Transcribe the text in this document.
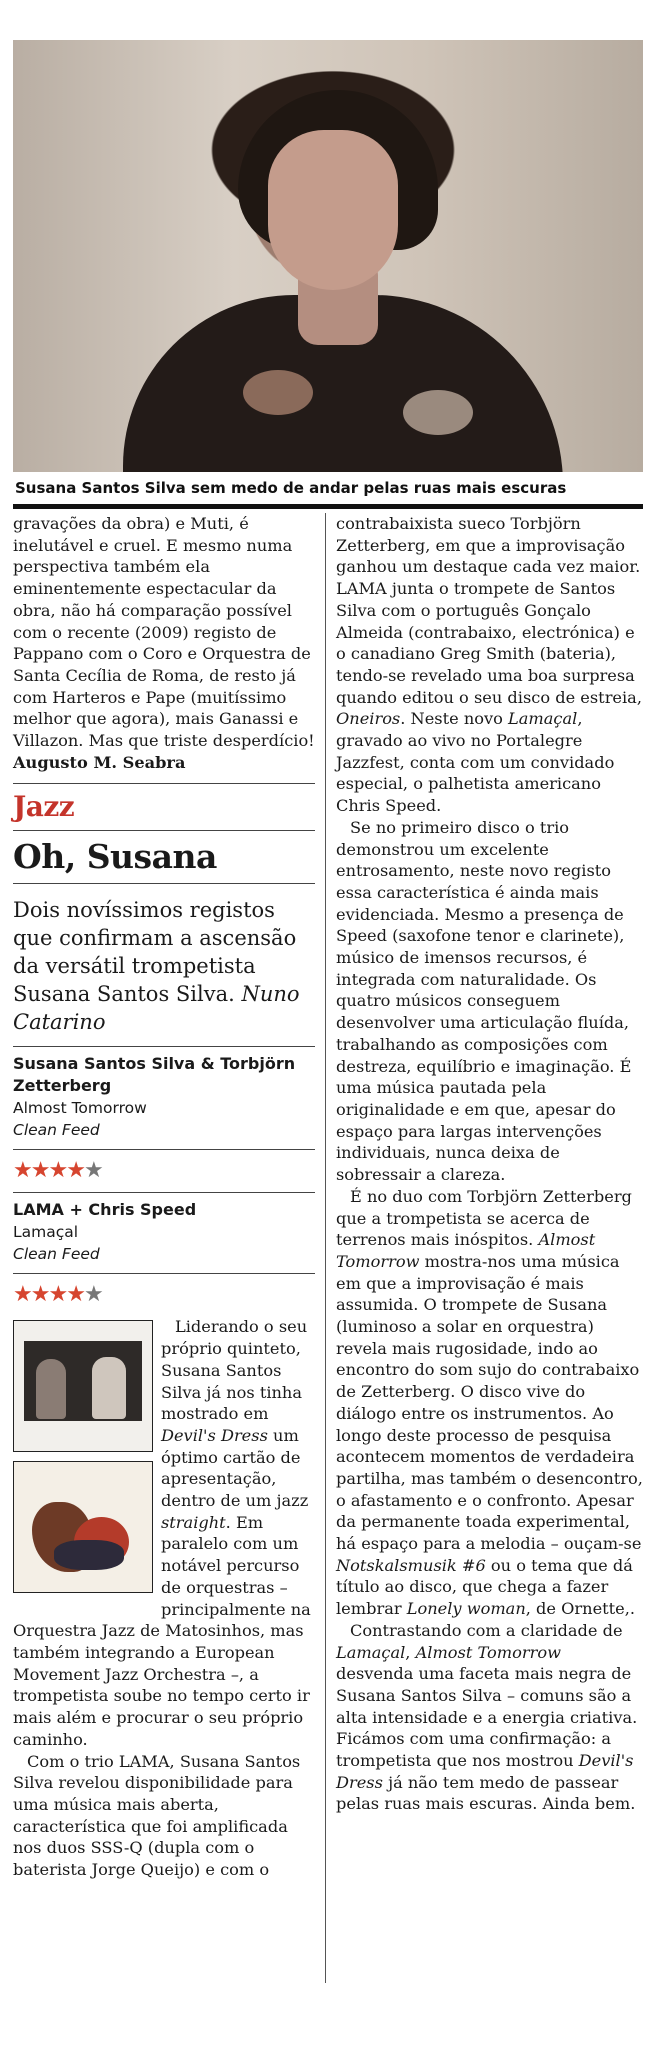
Susana Santos Silva sem medo de andar pelas ruas mais escuras

gravações da obra) e Muti, é inelutável e cruel. E mesmo numa perspectiva também ela eminentemente espectacular da obra, não há comparação possível com o recente (2009) registo de Pappano com o Coro e Orquestra de Santa Cecília de Roma, de resto já com Harteros e Pape (muitíssimo melhor que agora), mais Ganassi e Villazon. Mas que triste desperdício!

Augusto M. Seabra

Jazz
Oh, Susana
Dois novíssimos registos que confirmam a ascensão da versátil trompetista Susana Santos Silva. Nuno Catarino
Susana Santos Silva & Torbjörn Zetterberg
Almost Tomorrow
Clean Feed
★★★★★
LAMA + Chris Speed
Lamaçal
Clean Feed
★★★★★

Liderando o seu próprio quinteto, Susana Santos Silva já nos tinha mostrado em Devil's Dress um óptimo cartão de apresentação, dentro de um jazz straight. Em paralelo com um notável percurso de orquestras – principalmente na Orquestra Jazz de Matosinhos, mas também integrando a European Movement Jazz Orchestra –, a trompetista soube no tempo certo ir mais além e procurar o seu próprio caminho.

Com o trio LAMA, Susana Santos Silva revelou disponibilidade para uma música mais aberta, característica que foi amplificada nos duos SSS-Q (dupla com o baterista Jorge Queijo) e com o

contrabaixista sueco Torbjörn Zetterberg, em que a improvisação ganhou um destaque cada vez maior. LAMA junta o trompete de Santos Silva com o português Gonçalo Almeida (contrabaixo, electrónica) e o canadiano Greg Smith (bateria), tendo-se revelado uma boa surpresa quando editou o seu disco de estreia, Oneiros. Neste novo Lamaçal, gravado ao vivo no Portalegre Jazzfest, conta com um convidado especial, o palhetista americano Chris Speed.

Se no primeiro disco o trio demonstrou um excelente entrosamento, neste novo registo essa característica é ainda mais evidenciada. Mesmo a presença de Speed (saxofone tenor e clarinete), músico de imensos recursos, é integrada com naturalidade. Os quatro músicos conseguem desenvolver uma articulação fluída, trabalhando as composições com destreza, equilíbrio e imaginação. É uma música pautada pela originalidade e em que, apesar do espaço para largas intervenções individuais, nunca deixa de sobressair a clareza.

É no duo com Torbjörn Zetterberg que a trompetista se acerca de terrenos mais inóspitos. Almost Tomorrow mostra-nos uma música em que a improvisação é mais assumida. O trompete de Susana (luminoso a solar en orquestra) revela mais rugosidade, indo ao encontro do som sujo do contrabaixo de Zetterberg. O disco vive do diálogo entre os instrumentos. Ao longo deste processo de pesquisa acontecem momentos de verdadeira partilha, mas também o desencontro, o afastamento e o confronto. Apesar da permanente toada experimental, há espaço para a melodia – ouçam-se Notskalsmusik #6 ou o tema que dá título ao disco, que chega a fazer lembrar Lonely woman, de Ornette,.

Contrastando com a claridade de Lamaçal, Almost Tomorrow desvenda uma faceta mais negra de Susana Santos Silva – comuns são a alta intensidade e a energia criativa. Ficámos com uma confirmação: a trompetista que nos mostrou Devil's Dress já não tem medo de passear pelas ruas mais escuras. Ainda bem.
